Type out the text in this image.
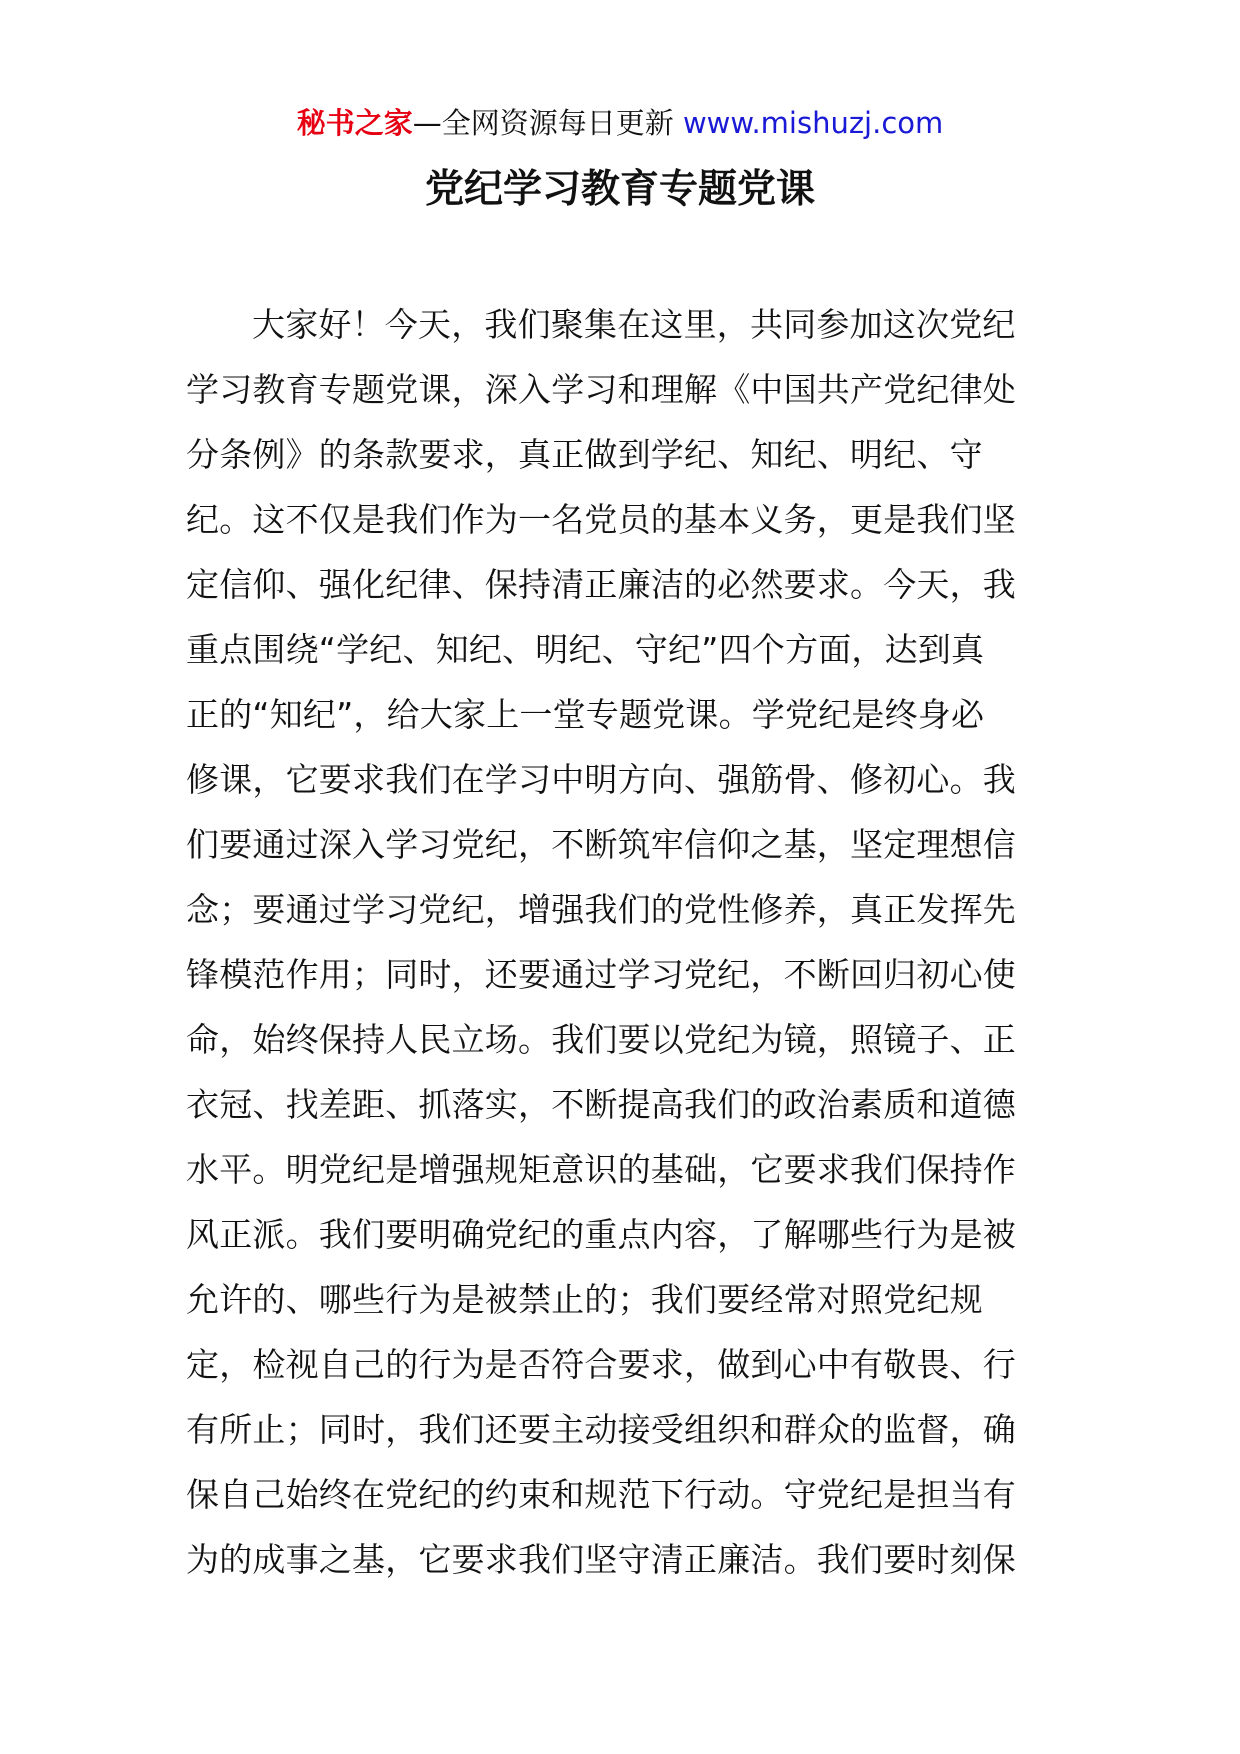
秘书之家—全网资源每日更新 www.mishuzj.com
党纪学习教育专题党课
大家好！今天，我们聚集在这里，共同参加这次党纪
学习教育专题党课，深入学习和理解《中国共产党纪律处
分条例》的条款要求，真正做到学纪、知纪、明纪、守
纪。这不仅是我们作为一名党员的基本义务，更是我们坚
定信仰、强化纪律、保持清正廉洁的必然要求。今天，我
重点围绕“学纪、知纪、明纪、守纪”四个方面，达到真
正的“知纪”，给大家上一堂专题党课。学党纪是终身必
修课，它要求我们在学习中明方向、强筋骨、修初心。我
们要通过深入学习党纪，不断筑牢信仰之基，坚定理想信
念；要通过学习党纪，增强我们的党性修养，真正发挥先
锋模范作用；同时，还要通过学习党纪，不断回归初心使
命，始终保持人民立场。我们要以党纪为镜，照镜子、正
衣冠、找差距、抓落实，不断提高我们的政治素质和道德
水平。明党纪是增强规矩意识的基础，它要求我们保持作
风正派。我们要明确党纪的重点内容，了解哪些行为是被
允许的、哪些行为是被禁止的；我们要经常对照党纪规
定，检视自己的行为是否符合要求，做到心中有敬畏、行
有所止；同时，我们还要主动接受组织和群众的监督，确
保自己始终在党纪的约束和规范下行动。守党纪是担当有
为的成事之基，它要求我们坚守清正廉洁。我们要时刻保
